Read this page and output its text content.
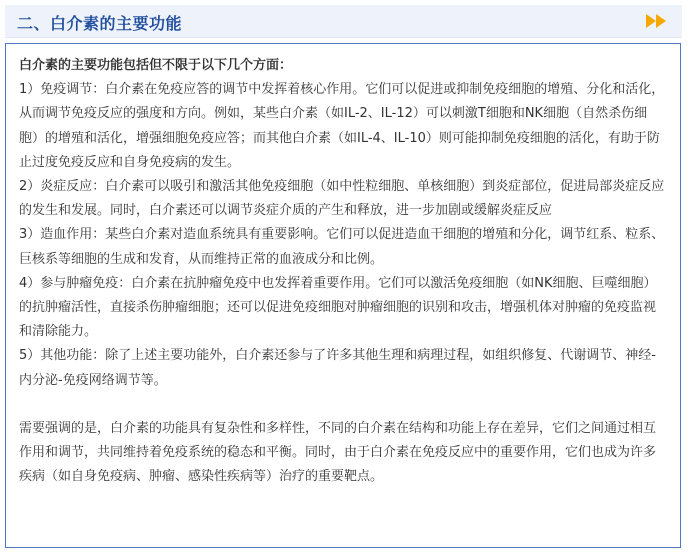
二、白介素的主要功能

白介素的主要功能包括但不限于以下几个方面：

1）免疫调节：白介素在免疫应答的调节中发挥着核心作用。它们可以促进或抑制免疫细胞的增殖、分化和活化，从而调节免疫反应的强度和方向。例如，某些白介素（如IL-2、IL-12）可以刺激T细胞和NK细胞（自然杀伤细胞）的增殖和活化，增强细胞免疫应答；而其他白介素（如IL-4、IL-10）则可能抑制免疫细胞的活化，有助于防止过度免疫反应和自身免疫病的发生。

2）炎症反应：白介素可以吸引和激活其他免疫细胞（如中性粒细胞、单核细胞）到炎症部位，促进局部炎症反应的发生和发展。同时，白介素还可以调节炎症介质的产生和释放，进一步加剧或缓解炎症反应

3）造血作用：某些白介素对造血系统具有重要影响。它们可以促进造血干细胞的增殖和分化，调节红系、粒系、巨核系等细胞的生成和发育，从而维持正常的血液成分和比例。

4）参与肿瘤免疫：白介素在抗肿瘤免疫中也发挥着重要作用。它们可以激活免疫细胞（如NK细胞、巨噬细胞）的抗肿瘤活性，直接杀伤肿瘤细胞；还可以促进免疫细胞对肿瘤细胞的识别和攻击，增强机体对肿瘤的免疫监视和清除能力。

5）其他功能：除了上述主要功能外，白介素还参与了许多其他生理和病理过程，如组织修复、代谢调节、神经-内分泌-免疫网络调节等。

需要强调的是，白介素的功能具有复杂性和多样性，不同的白介素在结构和功能上存在差异，它们之间通过相互作用和调节，共同维持着免疫系统的稳态和平衡。同时，由于白介素在免疫反应中的重要作用，它们也成为许多疾病（如自身免疫病、肿瘤、感染性疾病等）治疗的重要靶点。
